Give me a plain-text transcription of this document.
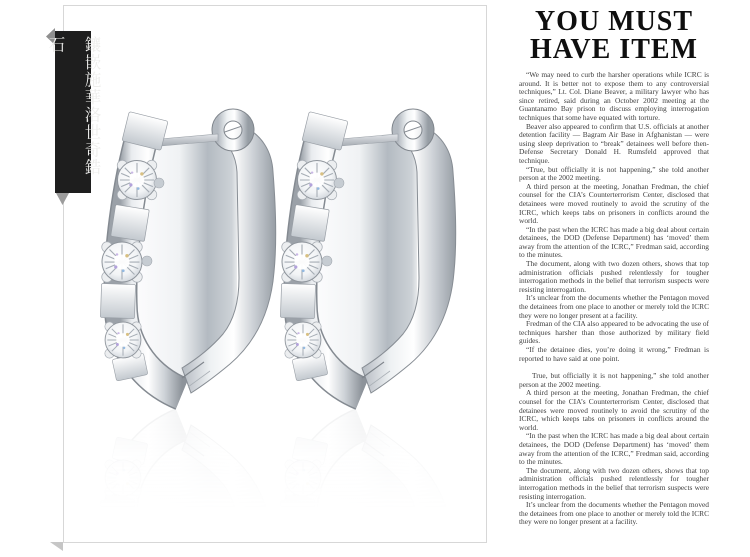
鑲嵌施華洛世奇鋯石
YOU MUST
HAVE ITEM

“We may need to curb the harsher operations while ICRC is around. It is better not to expose them to any controversial techniques,” Lt. Col. Diane Beaver, a military lawyer who has since retired, said during an October 2002 meeting at the Guantanamo Bay prison to discuss employing interrogation techniques that some have equated with torture.

Beaver also appeared to confirm that U.S. officials at another detention facility — Bagram Air Base in Afghanistan — were using sleep deprivation to “break” detainees well before then-Defense Secretary Donald H. Rumsfeld approved that technique.

“True, but officially it is not happening,” she told another person at the 2002 meeting.

A third person at the meeting, Jonathan Fredman, the chief counsel for the CIA’s Counterterrorism Center, disclosed that detainees were moved routinely to avoid the scrutiny of the ICRC, which keeps tabs on prisoners in conflicts around the world.

“In the past when the ICRC has made a big deal about certain detainees, the DOD (Defense Department) has ‘moved’ them away from the attention of the ICRC,” Fredman said, according to the minutes.

The document, along with two dozen others, shows that top administration officials pushed relentlessly for tougher interrogation methods in the belief that terrorism suspects were resisting interrogation.

It’s unclear from the documents whether the Pentagon moved the detainees from one place to another or merely told the ICRC they were no longer present at a facility.

Fredman of the CIA also appeared to be advocating the use of techniques harsher than those authorized by military field guides.

“If the detainee dies, you’re doing it wrong,” Fredman is reported to have said at one point.

True, but officially it is not happening,” she told another person at the 2002 meeting.

A third person at the meeting, Jonathan Fredman, the chief counsel for the CIA’s Counterterrorism Center, disclosed that detainees were moved routinely to avoid the scrutiny of the ICRC, which keeps tabs on prisoners in conflicts around the world.

“In the past when the ICRC has made a big deal about certain detainees, the DOD (Defense Department) has ‘moved’ them away from the attention of the ICRC,” Fredman said, according to the minutes.

The document, along with two dozen others, shows that top administration officials pushed relentlessly for tougher interrogation methods in the belief that terrorism suspects were resisting interrogation.

It’s unclear from the documents whether the Pentagon moved the detainees from one place to another or merely told the ICRC they were no longer present at a facility.
